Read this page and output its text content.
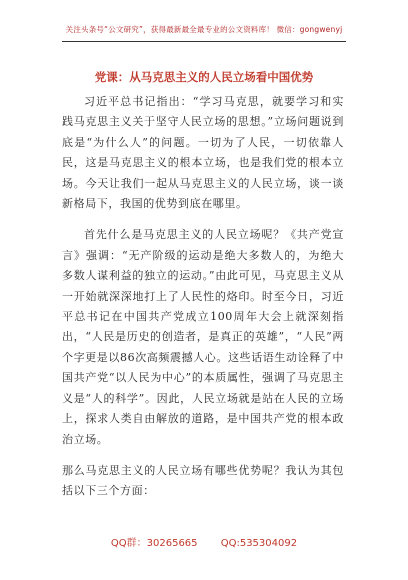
关注头条号“公文研究”，获得最新最全最专业的公文资料库！ 微信：gongwenyj
党课：从马克思主义的人民立场看中国优势

习近平总书记指出：“学习马克思，就要学习和实践马克思主义关于坚守人民立场的思想。”立场问题说到底是“为什么人”的问题。一切为了人民，一切依靠人民，这是马克思主义的根本立场，也是我们党的根本立场。今天让我们一起从马克思主义的人民立场，谈一谈新格局下，我国的优势到底在哪里。

首先什么是马克思主义的人民立场呢？《共产党宣言》强调：“无产阶级的运动是绝大多数人的，为绝大多数人谋利益的独立的运动。”由此可见，马克思主义从一开始就深深地打上了人民性的烙印。时至今日，习近平总书记在中国共产党成立100周年大会上就深刻指出，“人民是历史的创造者，是真正的英雄”，“人民”两个字更是以86次高频震撼人心。这些话语生动诠释了中国共产党“以人民为中心”的本质属性，强调了马克思主义是“人的科学”。因此，人民立场就是站在人民的立场上，探求人类自由解放的道路，是中国共产党的根本政治立场。

那么马克思主义的人民立场有哪些优势呢？我认为其包括以下三个方面：

QQ群：30265665 QQ:535304092
